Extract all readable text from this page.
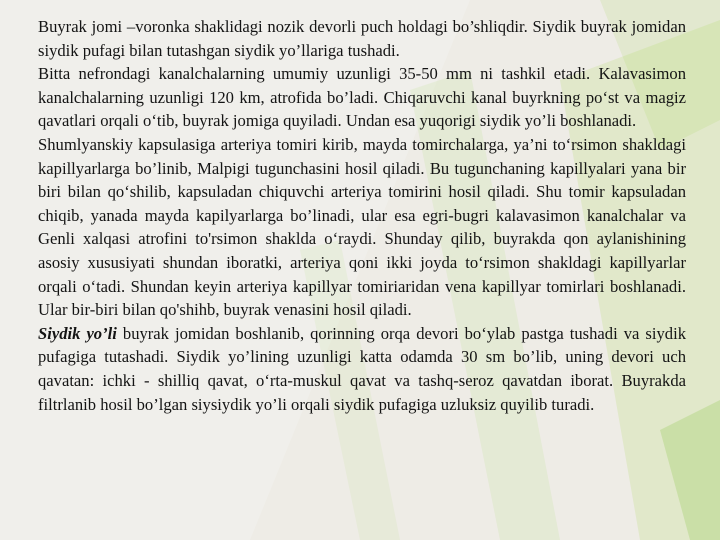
Buyrak jomi –voronka shaklidagi nozik devorli puch holdagi bo’shliqdir. Siydik buyrak jomidan siydik pufagi bilan tutashgan siydik yo’llariga tushadi.

Bitta nefrondagi kanalchalarning umumiy uzunligi 35-50 mm ni tashkil etadi. Kalavasimon kanalchalarning uzunligi 120 km, atrofida bo’ladi. Chiqaruvchi kanal buyrkning po‘st va magiz qavatlari orqali o‘tib, buyrak jomiga quyiladi. Undan esa yuqorigi siydik yo’li boshlanadi.

Shumlyanskiy kapsulasiga arteriya tomiri kirib, mayda tomirchalarga, ya’ni to‘rsimon shakldagi kapillyarlarga bo’linib, Malpigi tugunchasini hosil qiladi. Bu tugunchaning kapillyalari yana bir biri bilan qo‘shilib, kapsuladan chiquvchi arteriya tomirini hosil qiladi. Shu tomir kapsuladan chiqib, yanada mayda kapilyarlarga bo’linadi, ular esa egri-bugri kalavasimon kanalchalar va Genli xalqasi atrofini to'rsimon shaklda o‘raydi. Shunday qilib, buyrakda qon aylanishining asosiy xususiyati shundan iboratki, arteriya qoni ikki joyda to‘rsimon shakldagi kapillyarlar orqali o‘tadi. Shundan keyin arteriya kapillyar tomiriaridan vena kapillyar tomirlari boshlanadi. Ular bir-biri bilan qo'shihb, buyrak venasini hosil qiladi.

Siydik yo’li buyrak jomidan boshlanib, qorinning orqa devori bo‘ylab pastga tushadi va siydik pufagiga tutashadi. Siydik yo’lining uzunligi katta odamda 30 sm bo’lib, uning devori uch qavatan: ichki - shilliq qavat, o‘rta-muskul qavat va tashq-seroz qavatdan iborat. Buyrakda filtrlanib hosil bo’lgan siysiydik yo’li orqali siydik pufagiga uzluksiz quyilib turadi.
